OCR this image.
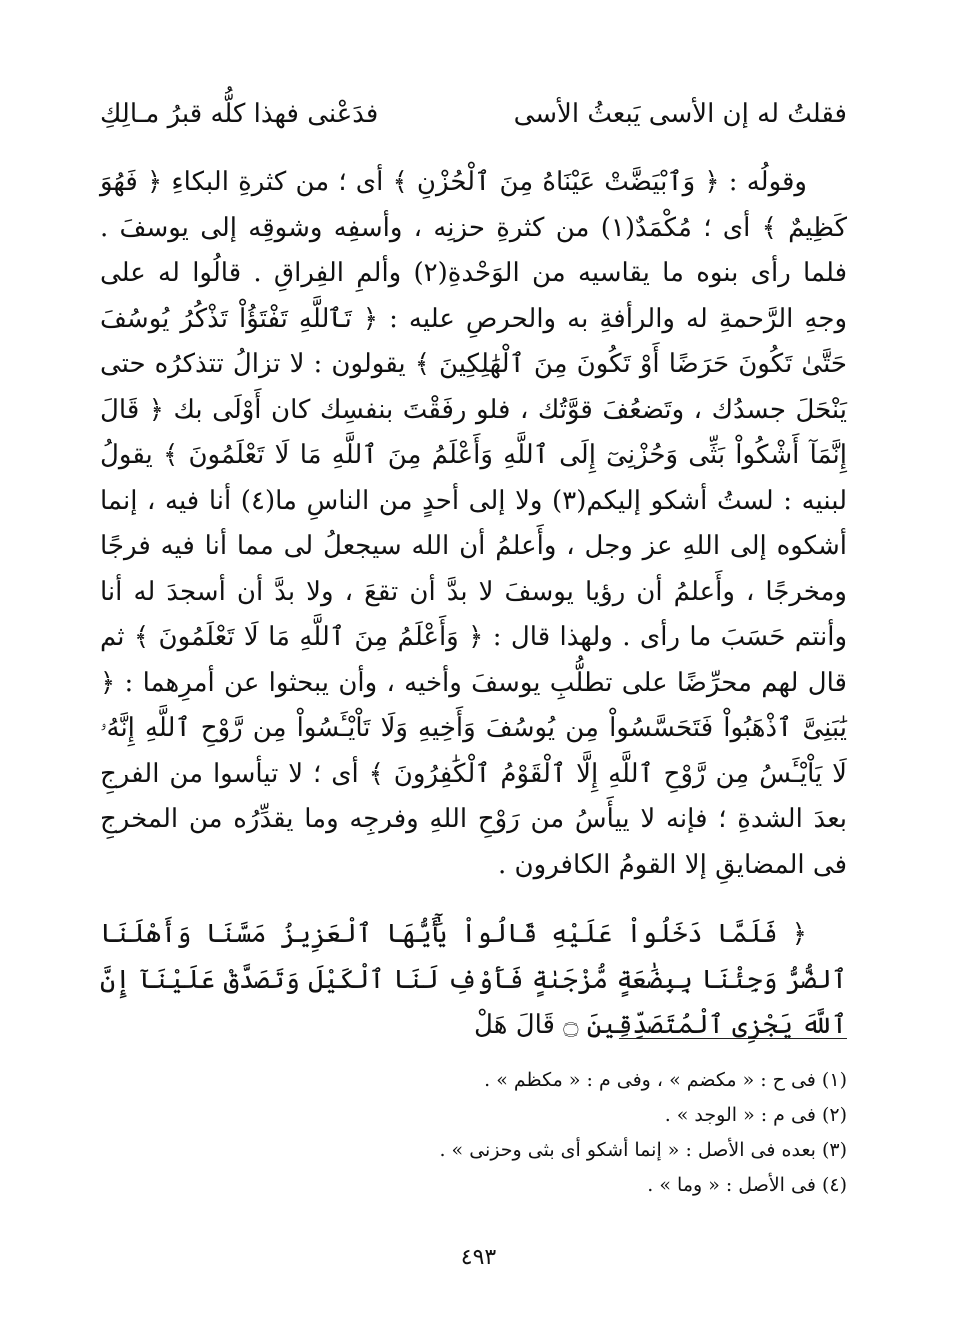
فقلتُ له إن الأسى يَبعثُ الأسى
فدَعْنى فهذا كلُّه قبرُ مـالِكِ

وقولُه : ﴿ وَٱبْيَضَّتْ عَيْنَاهُ مِنَ ٱلْحُزْنِ ﴾ أى ؛ من كثرةِ البكاءِ ﴿ فَهُوَ كَظِيمٌ ﴾ أى ؛ مُكْمَدٌ(١) من كثرةِ حزنِه ، وأسفِه وشوقِه إلى يوسفَ . فلما رأى بنوه ما يقاسيه من الوَحْدةِ(٢) وألمِ الفِراقِ . قالُوا له على وجهِ الرَّحمةِ له والرأفةِ به والحرصِ عليه : ﴿ تَٱللَّهِ تَفْتَؤُاْ تَذْكُرُ يُوسُفَ حَتَّىٰ تَكُونَ حَرَضًا أَوْ تَكُونَ مِنَ ٱلْهَٰلِكِينَ ﴾ يقولون : لا تزالُ تتذكرُه حتى يَنْحَلَ جسدُك ، وتَضعُفَ قوَّتُك ، فلو رفَقْتَ بنفسِك كان أَوْلَى بك ﴿ قَالَ إِنَّمَآ أَشْكُواْ بَثِّى وَحُزْنِىٓ إِلَى ٱللَّهِ وَأَعْلَمُ مِنَ ٱللَّهِ مَا لَا تَعْلَمُونَ ﴾ يقولُ لبنيه : لستُ أشكو إليكم(٣) ولا إلى أحدٍ من الناسِ ما(٤) أنا فيه ، إنما أشكوه إلى اللهِ عز وجل ، وأَعلمُ أن الله سيجعلُ لى مما أنا فيه فرجًا ومخرجًا ، وأَعلمُ أن رؤيا يوسفَ لا بدَّ أن تقعَ ، ولا بدَّ أن أسجدَ له أنا وأنتم حَسَبَ ما رأى . ولهذا قال : ﴿ وَأَعْلَمُ مِنَ ٱللَّهِ مَا لَا تَعْلَمُونَ ﴾ ثم قال لهم محرِّضًا على تطلُّبِ يوسفَ وأخيه ، وأن يبحثوا عن أمرِهما : ﴿ يَٰبَنِىَّ ٱذْهَبُواْ فَتَحَسَّسُواْ مِن يُوسُفَ وَأَخِيهِ وَلَا تَاْيْـَٔسُواْ مِن رَّوْحِ ٱللَّهِ إِنَّهُۥ لَا يَاْيْـَٔسُ مِن رَّوْحِ ٱللَّهِ إِلَّا ٱلْقَوْمُ ٱلْكَٰفِرُونَ ﴾ أى ؛ لا تيأسوا من الفرجِ بعدَ الشدةِ ؛ فإنه لا ييأَسُ من رَوْحِ اللهِ وفرجِه وما يقدِّرُه من المخرجِ فى المضايقِ إلا القومُ الكافرون .

﴿ فَلَمَّا دَخَلُواْ عَلَيْهِ قَالُواْ يَٰٓأَيُّهَا ٱلْعَزِيزُ مَسَّنَا وَأَهْلَنَا ٱلضُّرُّ وَجِئْنَا بِبِضَٰعَةٍ مُّزْجَىٰةٍ فَأَوْفِ لَنَا ٱلْكَيْلَ وَتَصَدَّقْ عَلَيْنَآ إِنَّ ٱللَّهَ يَجْزِى ٱلْمُتَصَدِّقِينَ ۝ قَالَ هَلْ

(١) فى ح : « مكضم » ، وفى م : « مكظم » .
(٢) فى م : « الوجد » .
(٣) بعده فى الأصل : « إنما أشكو أى بثى وحزنى » .
(٤) فى الأصل : « وما » .
٤٩٣
